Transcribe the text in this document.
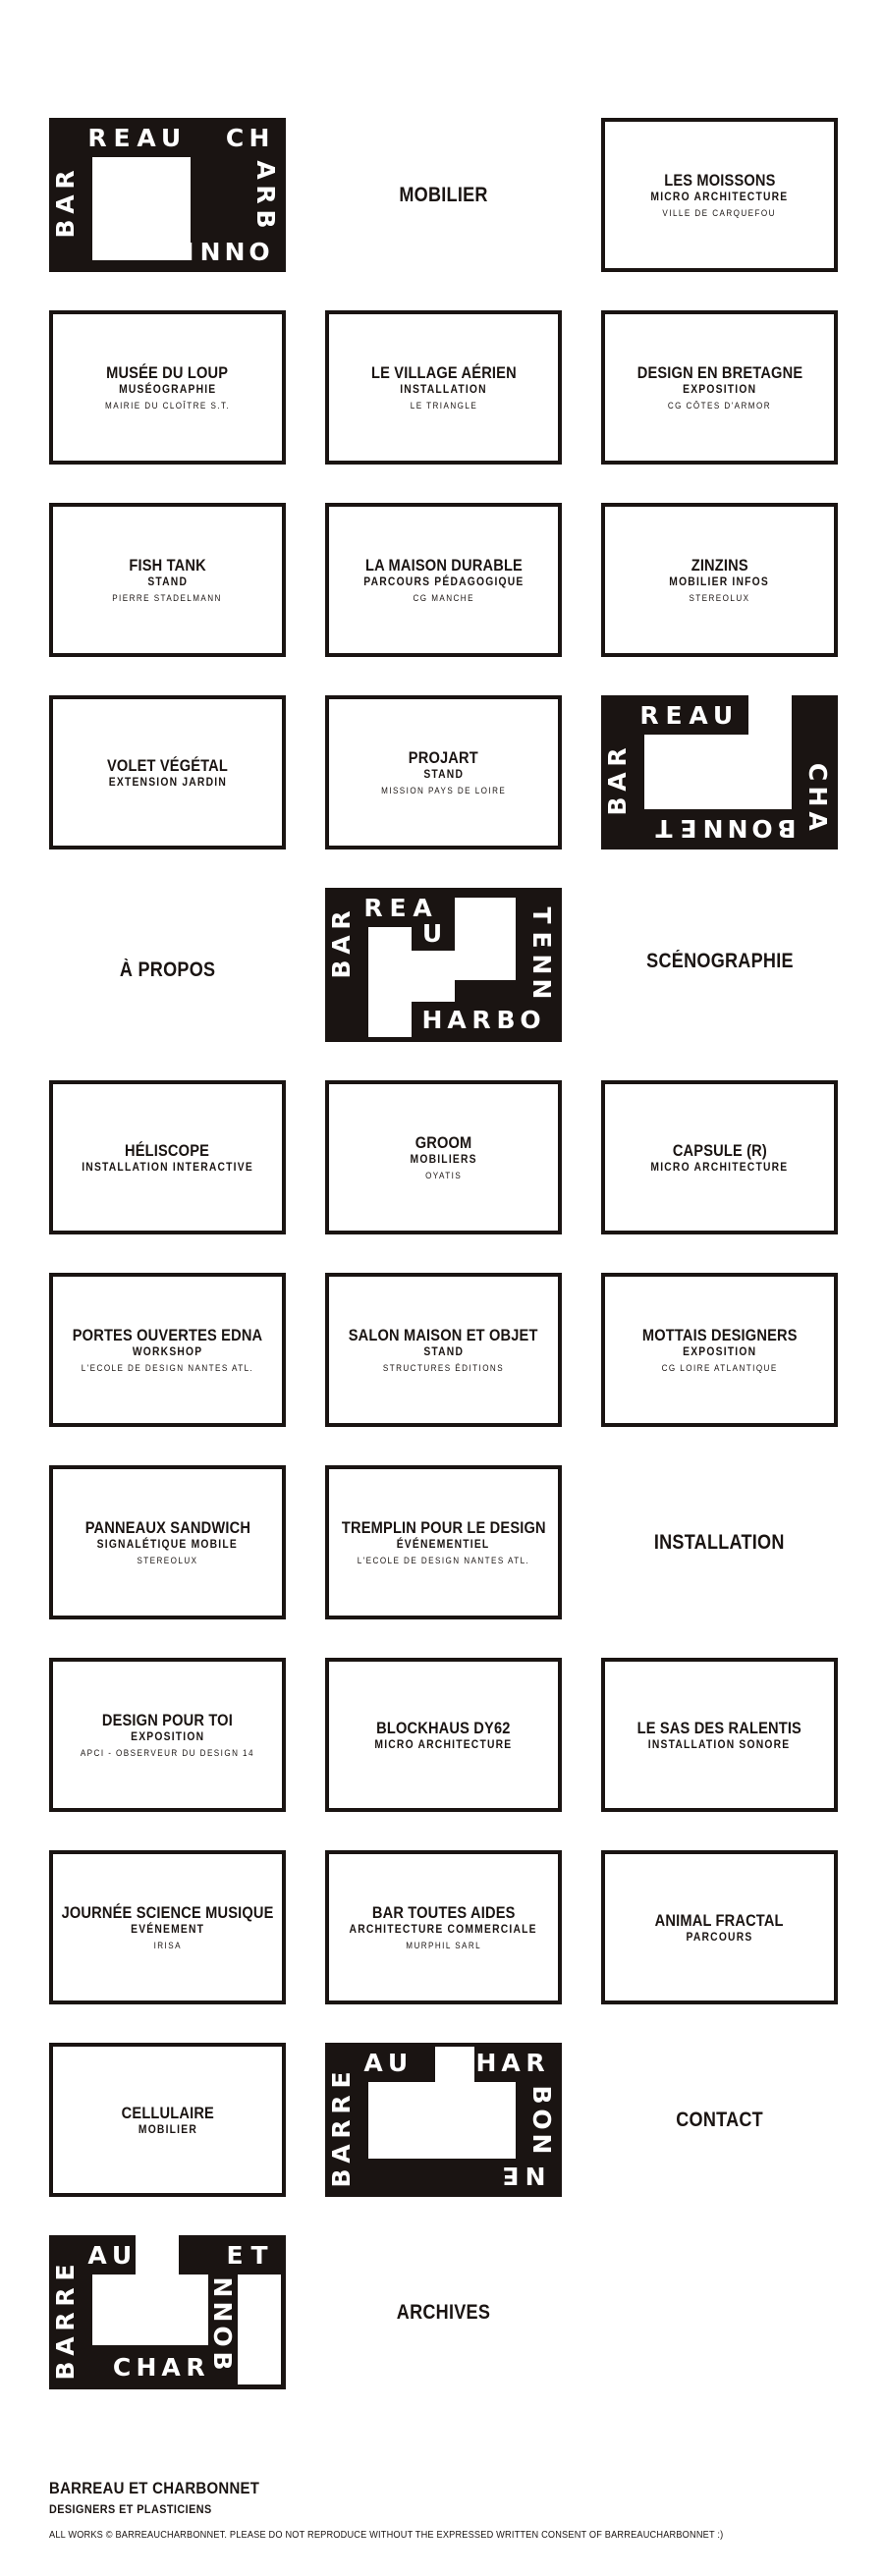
B
A
R
R E A U C H
A
R
B
O
N
N
E
T
MOBILIER
LES MOISSONS
MICRO ARCHITECTURE
VILLE DE CARQUEFOU
MUSÉE DU LOUP
MUSÉOGRAPHIE
MAIRIE DU CLOÎTRE S.T.
LE VILLAGE AÉRIEN
INSTALLATION
LE TRIANGLE
DESIGN EN BRETAGNE
EXPOSITION
CG CÔTES D'ARMOR
FISH TANK
STAND
PIERRE STADELMANN
LA MAISON DURABLE
PARCOURS PÉDAGOGIQUE
CG MANCHE
ZINZINS
MOBILIER INFOS
STEREOLUX
VOLET VÉGÉTAL
EXTENSION JARDIN
PROJART
STAND
MISSION PAYS DE LOIRE
B
A
R
R E A U
C
H
A
B
O
N
N
E
T
À PROPOS	B
A
R R E A
U
C
H A R B O
N
N
E
T
SCÉNOGRAPHIE
HÉLISCOPE
INSTALLATION INTERACTIVE
GROOM
MOBILIERS
OYATIS
CAPSULE (R)
MICRO ARCHITECTURE
PORTES OUVERTES EDNA
WORKSHOP
L'ECOLE DE DESIGN NANTES ATL.
SALON MAISON ET OBJET
STAND
STRUCTURES ÉDITIONS
MOTTAIS DESIGNERS
EXPOSITION
CG LOIRE ATLANTIQUE
PANNEAUX SANDWICH
SIGNALÉTIQUE MOBILE
STEREOLUX
TREMPLIN POUR LE DESIGN
ÉVÉNEMENTIEL
L'ECOLE DE DESIGN NANTES ATL.
INSTALLATION
DESIGN POUR TOI
EXPOSITION
APCI - OBSERVEUR DU DESIGN 14
BLOCKHAUS DY62
MICRO ARCHITECTURE
LE SAS DES RALENTIS
INSTALLATION SONORE
JOURNÉE SCIENCE MUSIQUE
EVÉNEMENT
IRISA
BAR TOUTES AIDES
ARCHITECTURE COMMERCIALE
MURPHIL SARL
ANIMAL FRACTAL
PARCOURS
CELLULAIRE
MOBILIER
B
A
R
R
E
A U	H A R
B
O
N
N
E
CONTACT
B
A
R
R
E
A U
C H A R B
O
N
N
E T
ARCHIVES
BARREAU ET CHARBONNET
DESIGNERS ET PLASTICIENS
ALL WORKS © BARREAUCHARBONNET. PLEASE DO NOT REPRODUCE WITHOUT THE EXPRESSED WRITTEN CONSENT OF BARREAUCHARBONNET :)
